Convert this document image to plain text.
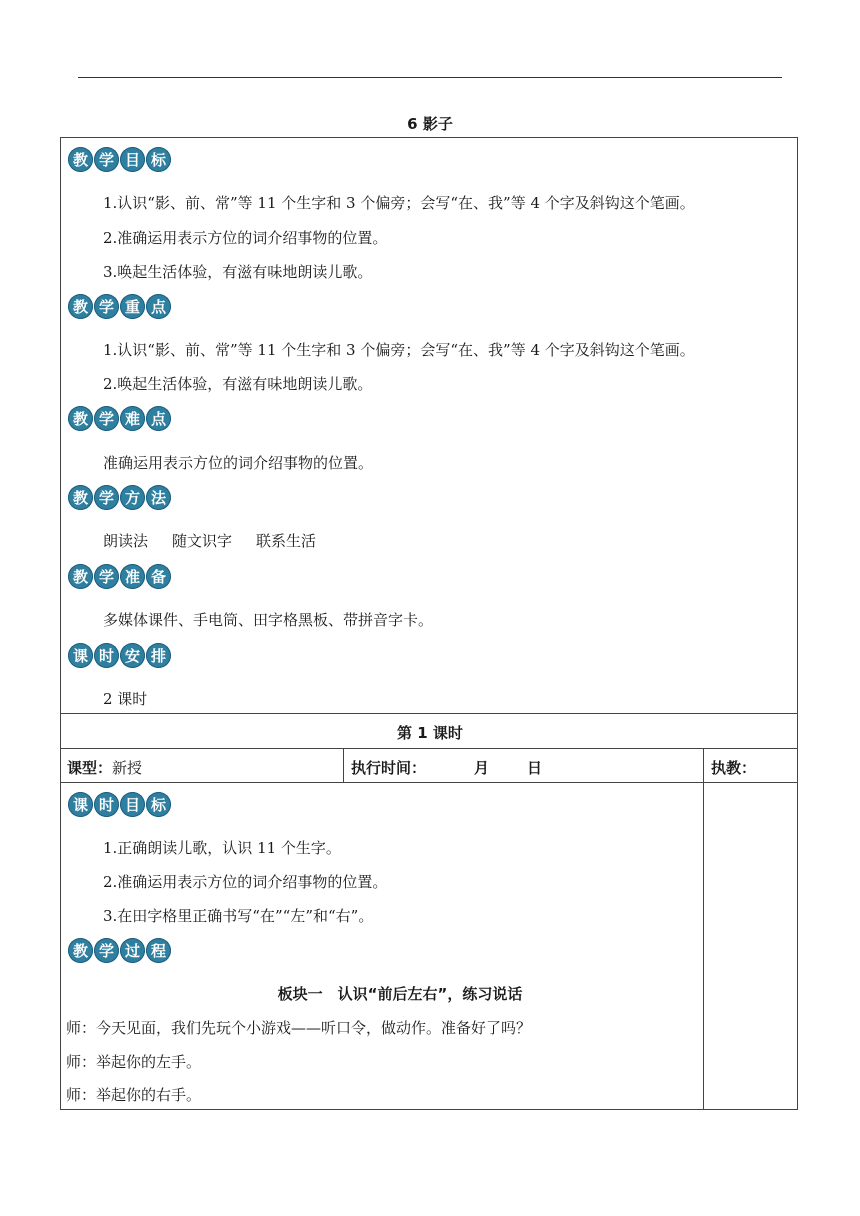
6 影子
教 学 目 标
1.认识“影、前、常”等 11 个生字和 3 个偏旁；会写“在、我”等 4 个字及斜钩这个笔画。
2.准确运用表示方位的词介绍事物的位置。
3.唤起生活体验，有滋有味地朗读儿歌。
教 学 重 点
1.认识“影、前、常”等 11 个生字和 3 个偏旁；会写“在、我”等 4 个字及斜钩这个笔画。
2.唤起生活体验，有滋有味地朗读儿歌。
教 学 难 点
准确运用表示方位的词介绍事物的位置。
教 学 方 法
朗读法 随文识字 联系生活
教 学 准 备
多媒体课件、手电筒、田字格黑板、带拼音字卡。
课 时 安 排
2 课时
第 1 课时
课型：新授	执行时间：	月	日	执教：
课 时 目 标
1.正确朗读儿歌，认识 11 个生字。
2.准确运用表示方位的词介绍事物的位置。
3.在田字格里正确书写“在”“左”和“右”。
教 学 过 程
板块一　认识“前后左右”，练习说话
师：今天见面，我们先玩个小游戏——听口令，做动作。准备好了吗？
师：举起你的左手。
师：举起你的右手。
